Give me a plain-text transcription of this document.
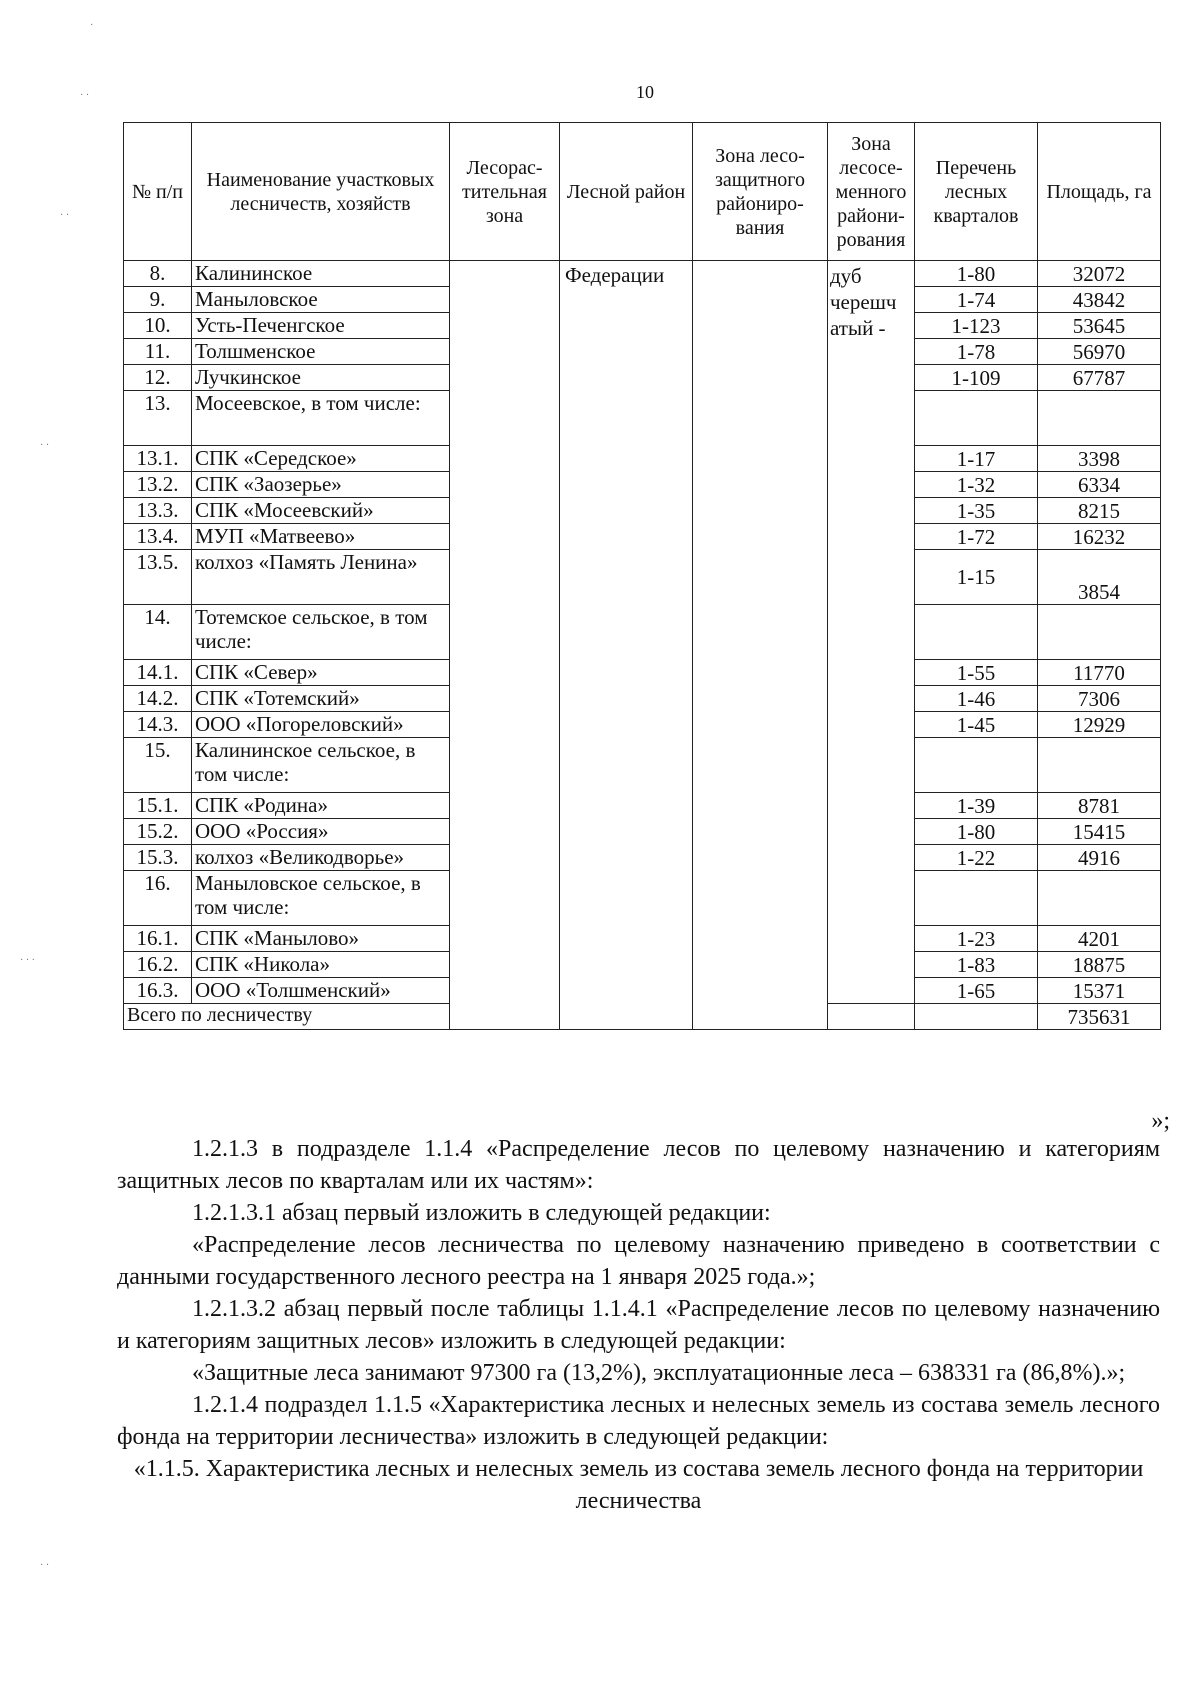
10
№ п/п	Наименование участковых лесничеств, хозяйств	Лесорас- тительная зона	Лесной район	Зона лесо- защитного райониро- вания	Зона лесосе- менного райони- рования	Перечень лесных кварталов	Площадь, га
8.	Калининское		Федерации		дуб черешч атый -	1-80	32072
9.	Маныловское					1-74	43842
10.	Усть-Печенгское					1-123	53645
11.	Толшменское					1-78	56970
12.	Лучкинское					1-109	67787
13.	Мосеевское, в том числе:						
13.1.	СПК «Середское»					1-17	3398
13.2.	СПК «Заозерье»					1-32	6334
13.3.	СПК «Мосеевский»					1-35	8215
13.4.	МУП «Матвеево»					1-72	16232
13.5.	колхоз «Память Ленина»					1-15	3854
14.	Тотемское сельское, в том числе:						
14.1.	СПК «Север»					1-55	11770
14.2.	СПК «Тотемский»					1-46	7306
14.3.	ООО «Погореловский»					1-45	12929
15.	Калининское сельское, в том числе:						
15.1.	СПК «Родина»					1-39	8781
15.2.	ООО «Россия»					1-80	15415
15.3.	колхоз «Великодворье»					1-22	4916
16.	Маныловское сельское, в том числе:						
16.1.	СПК «Манылово»					1-23	4201
16.2.	СПК «Никола»					1-83	18875
16.3.	ООО «Толшменский»					1-65	15371
Всего по лесничеству							735631
»;

1.2.1.3 в подразделе 1.1.4 «Распределение лесов по целевому назначению и категориям защитных лесов по кварталам или их частям»:

1.2.1.3.1 абзац первый изложить в следующей редакции:

«Распределение лесов лесничества по целевому назначению приведено в соответствии с данными государственного лесного реестра на 1 января 2025 года.»;

1.2.1.3.2 абзац первый после таблицы 1.1.4.1 «Распределение лесов по целевому назначению и категориям защитных лесов» изложить в следующей редакции:

«Защитные леса занимают 97300 га (13,2%), эксплуатационные леса – 638331 га (86,8%).»;

1.2.1.4 подраздел 1.1.5 «Характеристика лесных и нелесных земель из состава земель лесного фонда на территории лесничества» изложить в следующей редакции:

«1.1.5. Характеристика лесных и нелесных земель из состава земель лесного фонда на территории лесничества

·
· ·
· ·
· ·
· · ·
· ·
